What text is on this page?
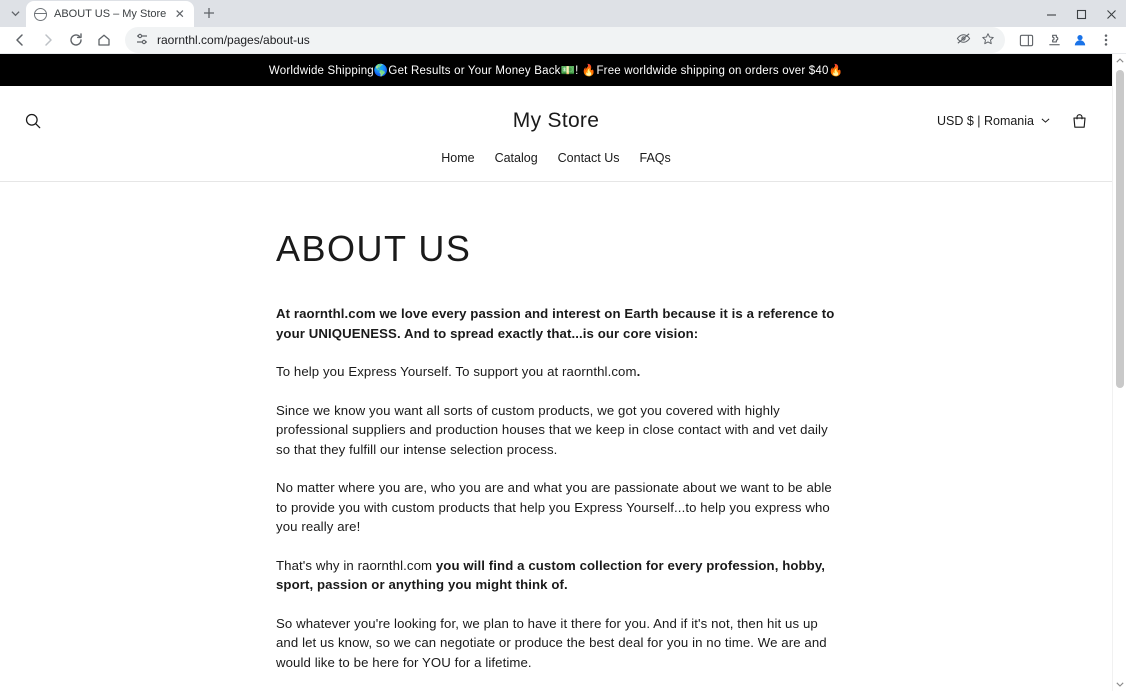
ABOUT US – My Store ✕
raornthl.com/pages/about-us
Worldwide Shipping🌎Get Results or Your Money Back💵! 🔥Free worldwide shipping on orders over $40🔥
My Store	USD $ | Romania
Home Catalog Contact Us FAQs
ABOUT US

At raornthl.com we love every passion and interest on Earth because it is a reference to your UNIQUENESS. And to spread exactly that...is our core vision:

To help you Express Yourself. To support you at raornthl.com.

Since we know you want all sorts of custom products, we got you covered with highly professional suppliers and production houses that we keep in close contact with and vet daily so that they fulfill our intense selection process.

No matter where you are, who you are and what you are passionate about we want to be able to provide you with custom products that help you Express Yourself...to help you express who you really are!

That's why in raornthl.com you will find a custom collection for every profession, hobby, sport, passion or anything you might think of.

So whatever you're looking for, we plan to have it there for you. And if it's not, then hit us up and let us know, so we can negotiate or produce the best deal for you in no time. We are and would like to be here for YOU for a lifetime.
